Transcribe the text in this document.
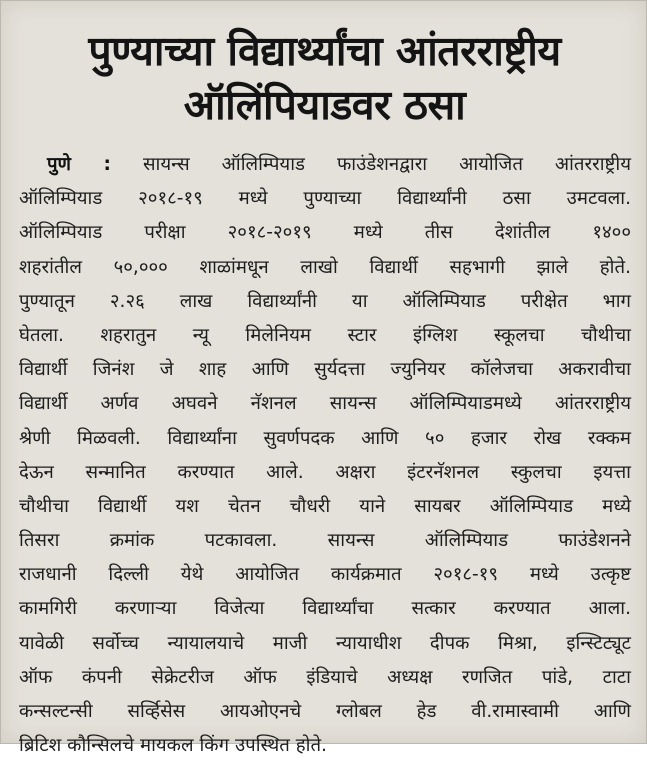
पुण्याच्या विद्यार्थ्यांचा आंतरराष्ट्रीय
ऑलिंपियाडवर ठसा
पुणे : सायन्स ऑलिम्पियाड फाउंडेशनद्वारा आयोजित आंतरराष्ट्रीय
ऑलिम्पियाड २०१८-१९ मध्ये पुण्याच्या विद्यार्थ्यांनी ठसा उमटवला.
ऑलिम्पियाड परीक्षा २०१८-२०१९ मध्ये तीस देशांतील १४००
शहरांतील ५०,००० शाळांमधून लाखो विद्यार्थी सहभागी झाले होते.
पुण्यातून २.२६ लाख विद्यार्थ्यांनी या ऑलिम्पियाड परीक्षेत भाग
घेतला. शहरातुन न्यू मिलेनियम स्टार इंग्लिश स्कूलचा चौथीचा
विद्यार्थी जिनंश जे शाह आणि सुर्यदत्ता ज्युनियर कॉलेजचा अकरावीचा
विद्यार्थी अर्णव अघवने नॅशनल सायन्स ऑलिम्पियाडमध्ये आंतरराष्ट्रीय
श्रेणी मिळवली. विद्यार्थ्यांना सुवर्णपदक आणि ५० हजार रोख रक्कम
देऊन सन्मानित करण्यात आले. अक्षरा इंटरनॅशनल स्कुलचा इयत्ता
चौथीचा विद्यार्थी यश चेतन चौधरी याने सायबर ऑलिम्पियाड मध्ये
तिसरा क्रमांक पटकावला. सायन्स ऑलिम्पियाड फाउंडेशनने
राजधानी दिल्ली येथे आयोजित कार्यक्रमात २०१८-१९ मध्ये उत्कृष्ट
कामगिरी करणाऱ्या विजेत्या विद्यार्थ्यांचा सत्कार करण्यात आला.
यावेळी सर्वोच्च न्यायालयाचे माजी न्यायाधीश दीपक मिश्रा, इन्स्टिट्यूट
ऑफ कंपनी सेक्रेटरीज ऑफ इंडियाचे अध्यक्ष रणजित पांडे, टाटा
कन्सल्टन्सी सर्व्हिसेस आयओएनचे ग्लोबल हेड वी.रामास्वामी आणि
ब्रिटिश कौन्सिलचे मायकल किंग उपस्थित होते.
